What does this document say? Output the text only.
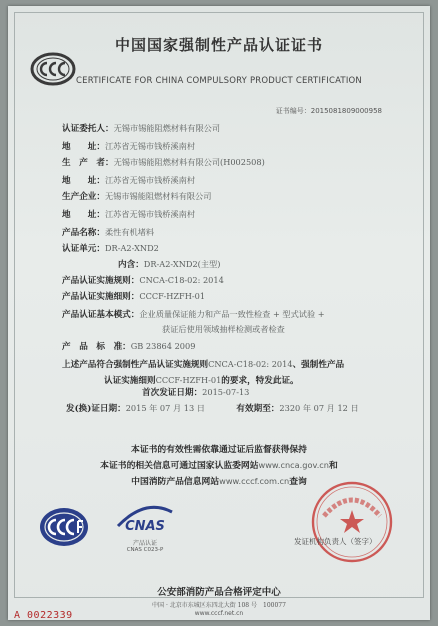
中国国家强制性产品认证证书
CERTIFICATE FOR CHINA COMPULSORY PRODUCT CERTIFICATION
证书编号：2015081809000958
认证委托人：无锡市锡能阻燃材料有限公司
地　　址：江苏省无锡市钱桥溪南村
生　产　者：无锡市锡能阻燃材料有限公司(H002508)
地　　址：江苏省无锡市钱桥溪南村
生产企业：无锡市锡能阻燃材料有限公司
地　　址：江苏省无锡市钱桥溪南村
产品名称：柔性有机堵料
认证单元：DR-A2-XND2
内含：DR-A2-XND2(主型)
产品认证实施规则：CNCA-C18-02: 2014
产品认证实施细则：CCCF-HZFH-01
产品认证基本模式：企业质量保证能力和产品一致性检查 + 型式试验 +
获证后使用领域抽样检测或者检查
产　品　标　准：GB 23864 2009
上述产品符合强制性产品认证实施规则CNCA-C18-02: 2014、强制性产品
认证实施细则CCCF-HZFH-01的要求，特发此证。
首次发证日期：2015-07-13
发(换)证日期：2015 年 07 月 13 日	有效期至：2320 年 07 月 12 日
本证书的有效性需依靠通过证后监督获得保持
本证书的相关信息可通过国家认监委网站www.cnca.gov.cn和
中国消防产品信息网站www.cccf.com.cn查询
CNAS
产品认证
CNAS C023-P
发证机构负责人（签字）
公安部消防产品合格评定中心
中国 · 北京市东城区东四北大街 108 号　100077
www.cccf.net.cn
A 0022339
